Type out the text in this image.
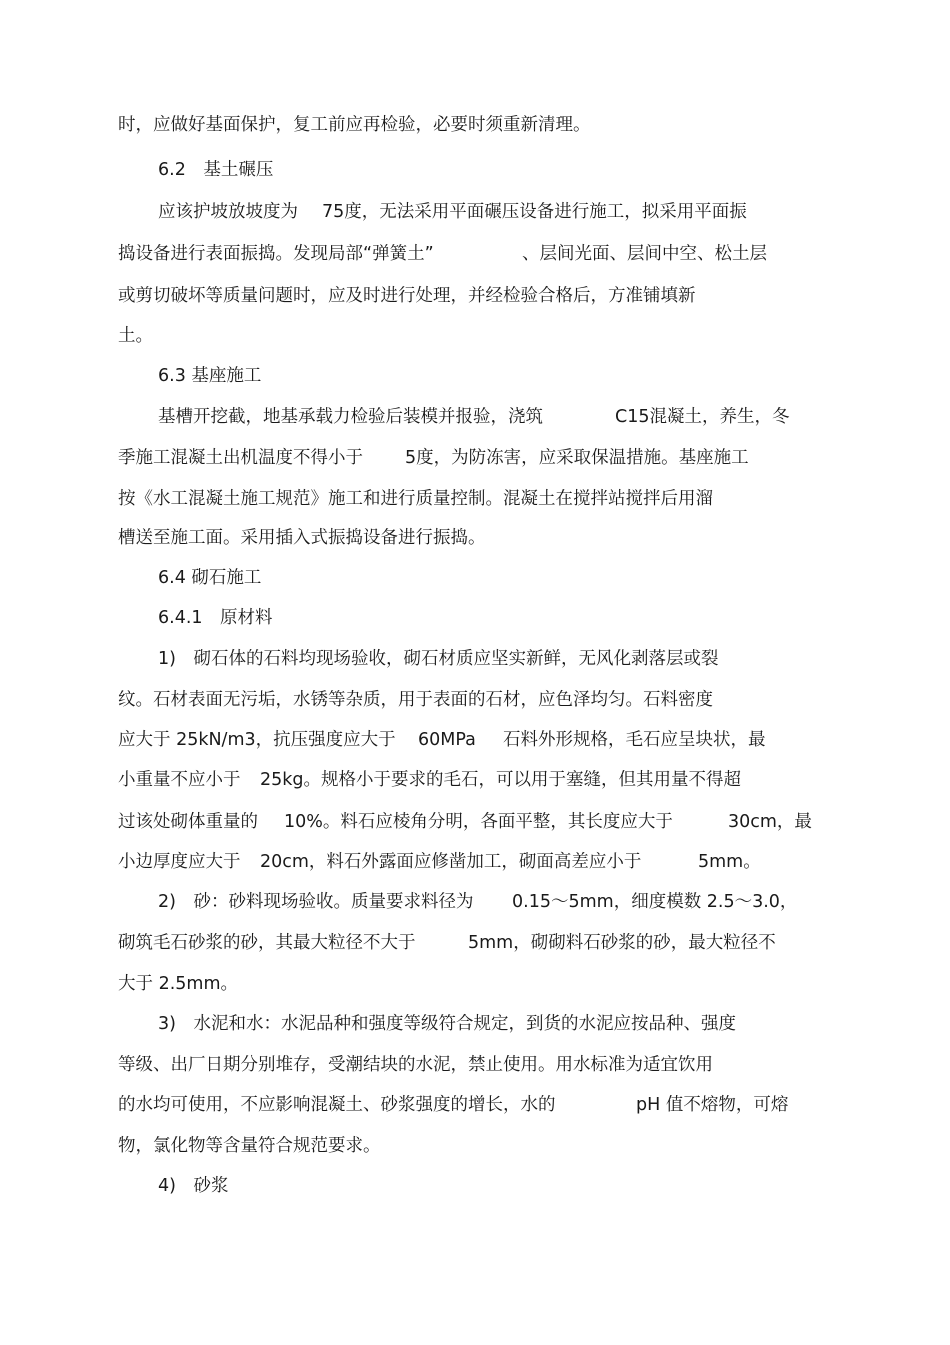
时，应做好基面保护，复工前应再检验，必要时须重新清理。

6.2　基土碾压

应该护坡放坡度为 75度，无法采用平面碾压设备进行施工，拟采用平面振

捣设备进行表面振捣。发现局部“弹簧土”	、层间光面、层间中空、松土层

或剪切破坏等质量问题时，应及时进行处理，并经检验合格后，方准铺填新

土。

6.3 基座施工

基槽开挖截，地基承载力检验后装模并报验，浇筑	C15混凝土，养生，冬

季施工混凝土出机温度不得小于 5度，为防冻害，应采取保温措施。基座施工

按《水工混凝土施工规范》施工和进行质量控制。混凝土在搅拌站搅拌后用溜

槽送至施工面。采用插入式振捣设备进行振捣。

6.4 砌石施工

6.4.1　原材料

1)　砌石体的石料均现场验收，砌石材质应坚实新鲜，无风化剥落层或裂

纹。石材表面无污垢，水锈等杂质，用于表面的石材，应色泽均匀。石料密度

应大于 25kN/m3，抗压强度应大于 60MPa 石料外形规格，毛石应呈块状，最

小重量不应小于 25kg。规格小于要求的毛石，可以用于塞缝，但其用量不得超

过该处砌体重量的 10%。料石应棱角分明，各面平整，其长度应大于	30cm，最

小边厚度应大于 20cm，料石外露面应修凿加工，砌面高差应小于	5mm。

2)　砂：砂料现场验收。质量要求料径为 0.15～5mm，细度模数 2.5～3.0，

砌筑毛石砂浆的砂，其最大粒径不大于	5mm，砌砌料石砂浆的砂，最大粒径不

大于 2.5mm。

3)　水泥和水：水泥品种和强度等级符合规定，到货的水泥应按品种、强度

等级、出厂日期分别堆存，受潮结块的水泥，禁止使用。用水标准为适宜饮用

的水均可使用，不应影响混凝土、砂浆强度的增长，水的	pH 值不熔物，可熔

物，氯化物等含量符合规范要求。

4)　砂浆
